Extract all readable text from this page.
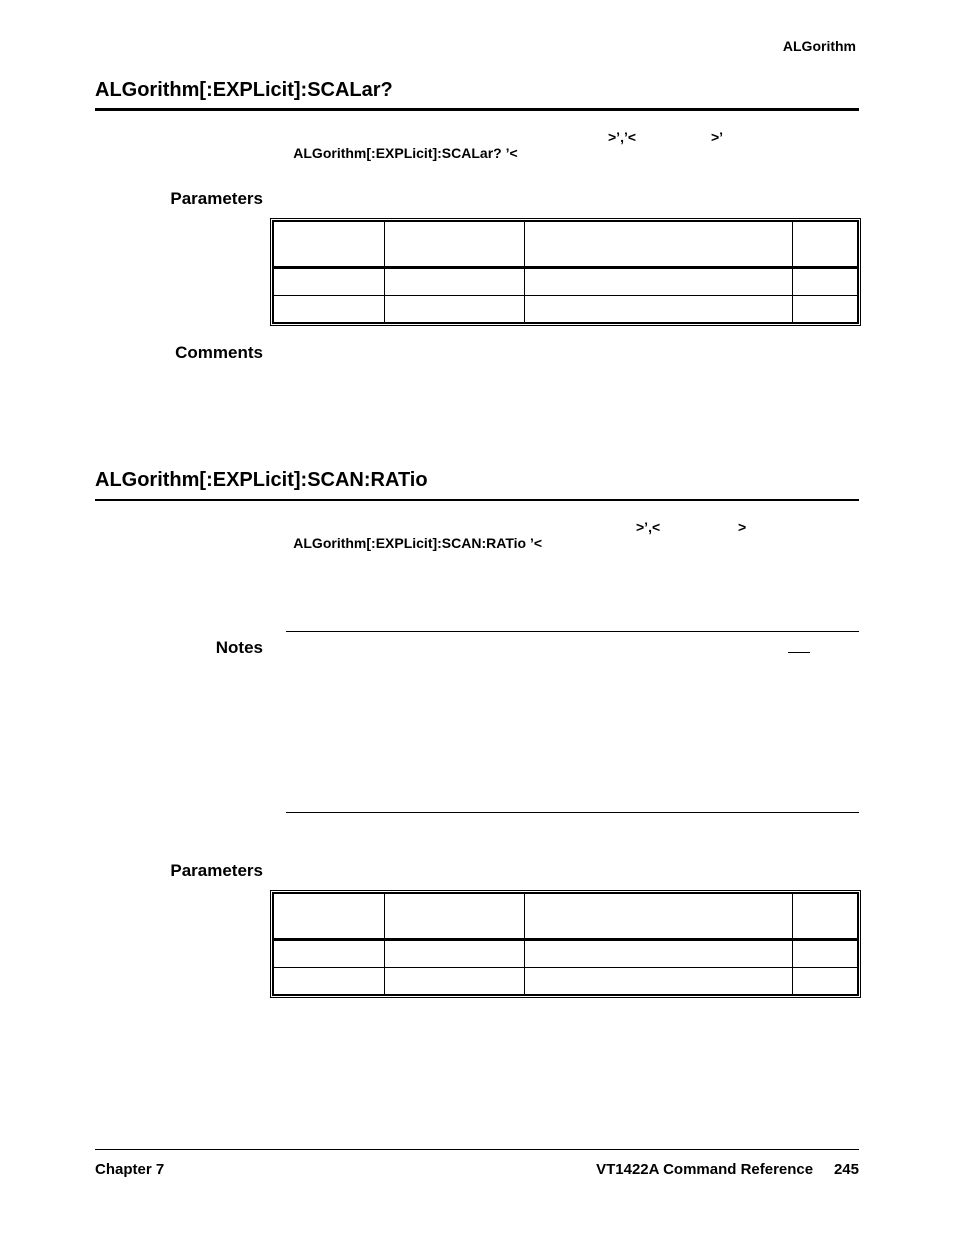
ALGorithm
ALGorithm[:EXPLicit]:SCALar?

ALGorithm[:EXPLicit]:SCALar? ’<

>’,’<	>’
Parameters

Comments
ALGorithm[:EXPLicit]:SCAN:RATio

ALGorithm[:EXPLicit]:SCAN:RATio ’<

>’,<	>
Notes
Parameters

Chapter 7	VT1422A Command Reference 245
